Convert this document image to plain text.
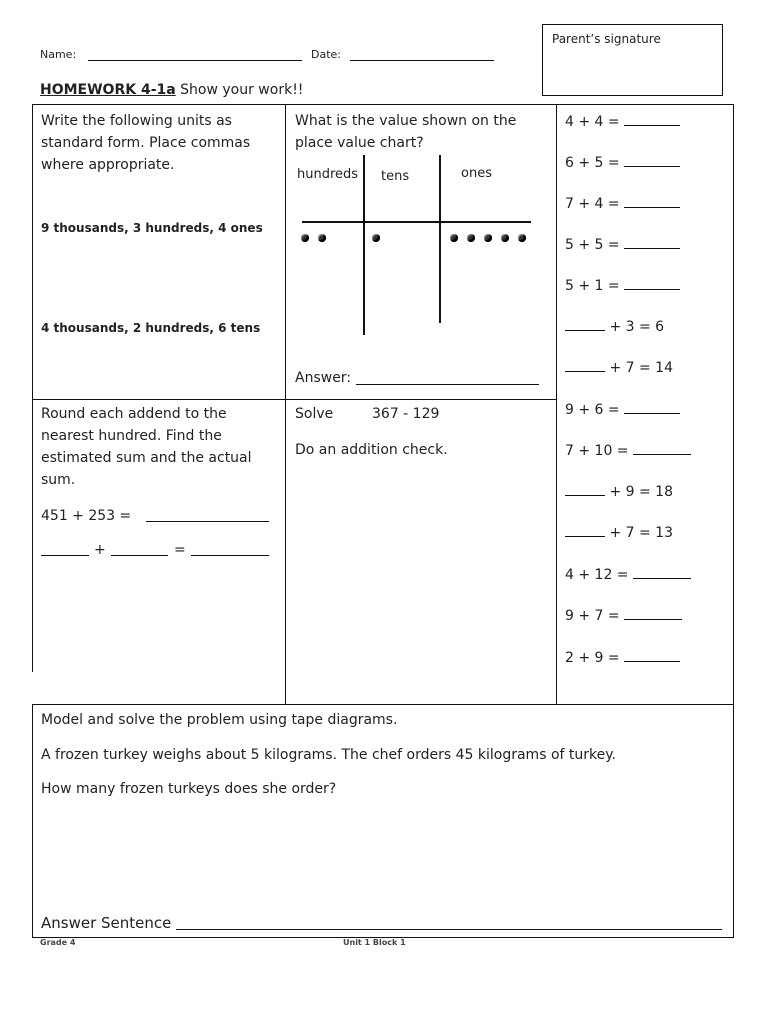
Name:	Date:
Parent’s signature
HOMEWORK 4-1a Show your work!!
Write the following units as standard form. Place commas where appropriate.
9 thousands, 3 hundreds, 4 ones
4 thousands, 2 hundreds, 6 tens
What is the value shown on the place value chart?
hundreds tens	ones
Answer:
Round each addend to the nearest hundred. Find the estimated sum and the actual sum.
451 + 253 =
+	=
Solve	367 - 129
Do an addition check.
4 + 4 =
6 + 5 =
7 + 4 =
5 + 5 =
5 + 1 =
+ 3 = 6
+ 7 = 14
9 + 6 =
7 + 10 =
+ 9 = 18
+ 7 = 13
4 + 12 =
9 + 7 =
2 + 9 =
Model and solve the problem using tape diagrams.
A frozen turkey weighs about 5 kilograms. The chef orders 45 kilograms of turkey.
How many frozen turkeys does she order?
Answer Sentence
Grade 4	Unit 1 Block 1
